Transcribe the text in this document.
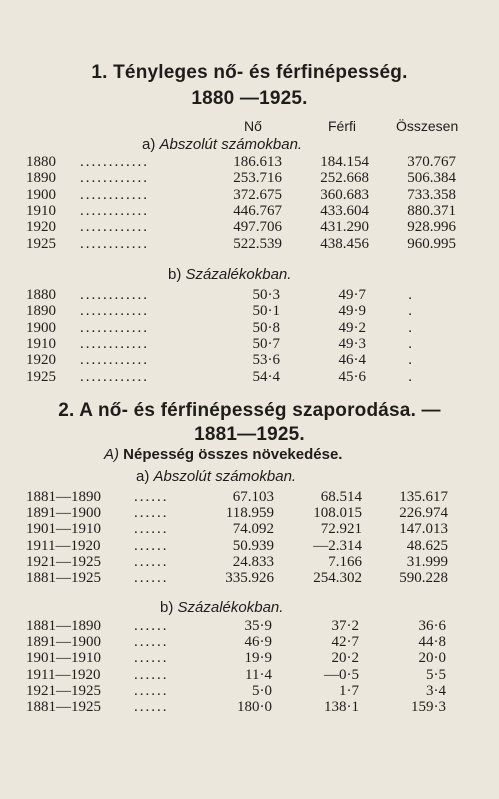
1. Tényleges nő- és férfinépesség.
1880 —1925.
Nő	Férfi	Összesen
a) Abszolút számokban.
1880 ............	186.613	184.154	370.767
1890 ............	253.716	252.668	506.384
1900 ............	372.675	360.683	733.358
1910 ............	446.767	433.604	880.371
1920 ............	497.706	431.290	928.996
1925 ............	522.539	438.456	960.995
b) Százalékokban.
1880 ............	50·3	49·7	.
1890 ............	50·1	49·9	.
1900 ............	50·8	49·2	.
1910 ............	50·7	49·3	.
1920 ............	53·6	46·4	.
1925 ............	54·4	45·6	.
2. A nő- és férfinépesség szaporodása. —
1881—1925.
A) Népesség összes növekedése.
a) Abszolút számokban.
1881—1890 ......	67.103	68.514 135.617
1891—1900 ......	118.959	108.015 226.974
1901—1910 ......	74.092	72.921 147.013
1911—1920 ......	50.939	—2.314	48.625
1921—1925 ......	24.833	7.166	31.999
1881—1925 ......	335.926	254.302 590.228
b) Százalékokban.
1881—1890 ......	35·9	37·2	36·6
1891—1900 ......	46·9	42·7	44·8
1901—1910 ......	19·9	20·2	20·0
1911—1920 ......	11·4	—0·5	5·5
1921—1925 ......	5·0	1·7	3·4
1881—1925 ......	180·0	138·1	159·3
